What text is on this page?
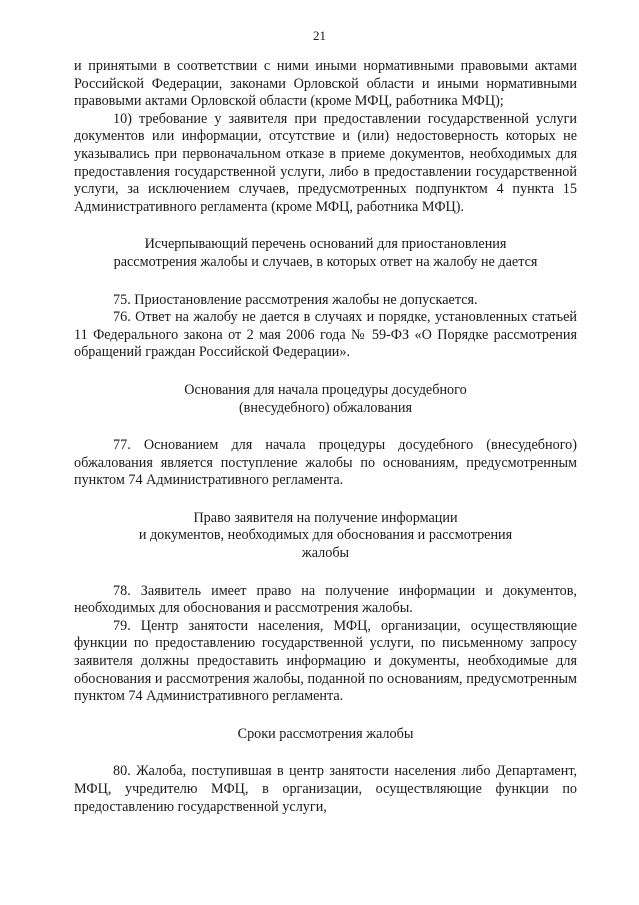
21

и принятыми в соответствии с ними иными нормативными правовыми актами Российской Федерации, законами Орловской области и иными нормативными правовыми актами Орловской области (кроме МФЦ, работника МФЦ);

10) требование у заявителя при предоставлении государственной услуги документов или информации, отсутствие и (или) недостоверность которых не указывались при первоначальном отказе в приеме документов, необходимых для предоставления государственной услуги, либо в предоставлении государственной услуги, за исключением случаев, предусмотренных подпунктом 4 пункта 15 Административного регламента (кроме МФЦ, работника МФЦ).

Исчерпывающий перечень оснований для приостановления
рассмотрения жалобы и случаев, в которых ответ на жалобу не дается

75. Приостановление рассмотрения жалобы не допускается.

76. Ответ на жалобу не дается в случаях и порядке, установленных статьей 11 Федерального закона от 2 мая 2006 года № 59-ФЗ «О Порядке рассмотрения обращений граждан Российской Федерации».

Основания для начала процедуры досудебного
(внесудебного) обжалования

77. Основанием для начала процедуры досудебного (внесудебного) обжалования является поступление жалобы по основаниям, предусмотренным пунктом 74 Административного регламента.

Право заявителя на получение информации
и документов, необходимых для обоснования и рассмотрения
жалобы

78. Заявитель имеет право на получение информации и документов, необходимых для обоснования и рассмотрения жалобы.

79. Центр занятости населения, МФЦ, организации, осуществляющие функции по предоставлению государственной услуги, по письменному запросу заявителя должны предоставить информацию и документы, необходимые для обоснования и рассмотрения жалобы, поданной по основаниям, предусмотренным пунктом 74 Административного регламента.

Сроки рассмотрения жалобы

80. Жалоба, поступившая в центр занятости населения либо Департамент, МФЦ, учредителю МФЦ, в организации, осуществляющие функции по предоставлению государственной услуги,
